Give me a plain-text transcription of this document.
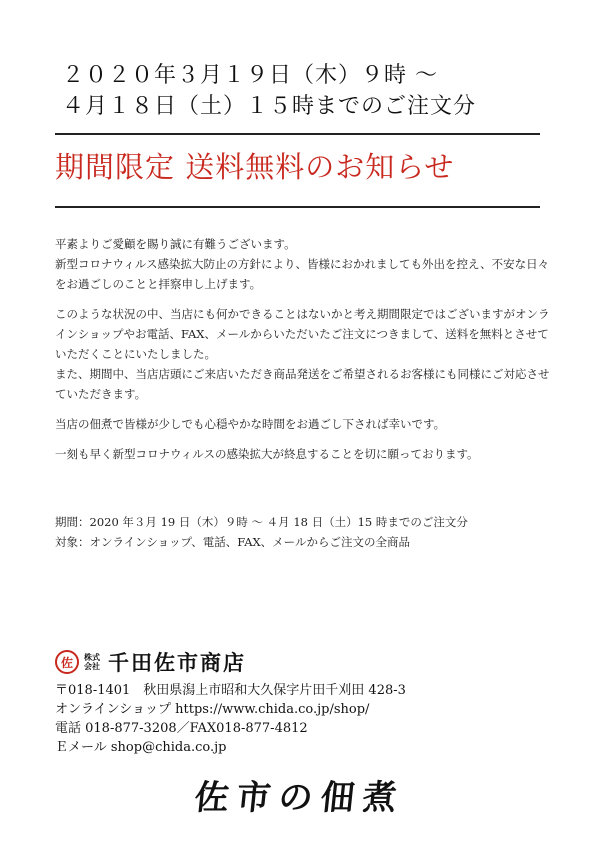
２０２０年３月１９日（木）９時 〜
４月１８日（土）１５時までのご注文分
期間限定 送料無料のお知らせ

平素よりご愛顧を賜り誠に有難うございます。
新型コロナウィルス感染拡大防止の方針により、皆様におかれましても外出を控え、不安な日々をお過ごしのことと拝察申し上げます。

このような状況の中、当店にも何かできることはないかと考え期間限定ではございますがオンラインショップやお電話、FAX、メールからいただいたご注文につきまして、送料を無料とさせていただくことにいたしました。
また、期間中、当店店頭にご来店いただき商品発送をご希望されるお客様にも同様にご対応させていただきます。

当店の佃煮で皆様が少しでも心穏やかな時間をお過ごし下されば幸いです。

一刻も早く新型コロナウィルスの感染拡大が終息することを切に願っております。

期間：2020 年３月 19 日（木）９時 〜 ４月 18 日（土）15 時までのご注文分
対象：オンラインショップ、電話、FAX、メールからご注文の全商品
佐	株式
会社 千田佐市商店
〒018-1401　秋田県潟上市昭和大久保字片田千刈田 428-3
オンラインショップ https://www.chida.co.jp/shop/
電話 018-877-3208／FAX018-877-4812
Ｅメール shop@chida.co.jp
佐市の佃煮
